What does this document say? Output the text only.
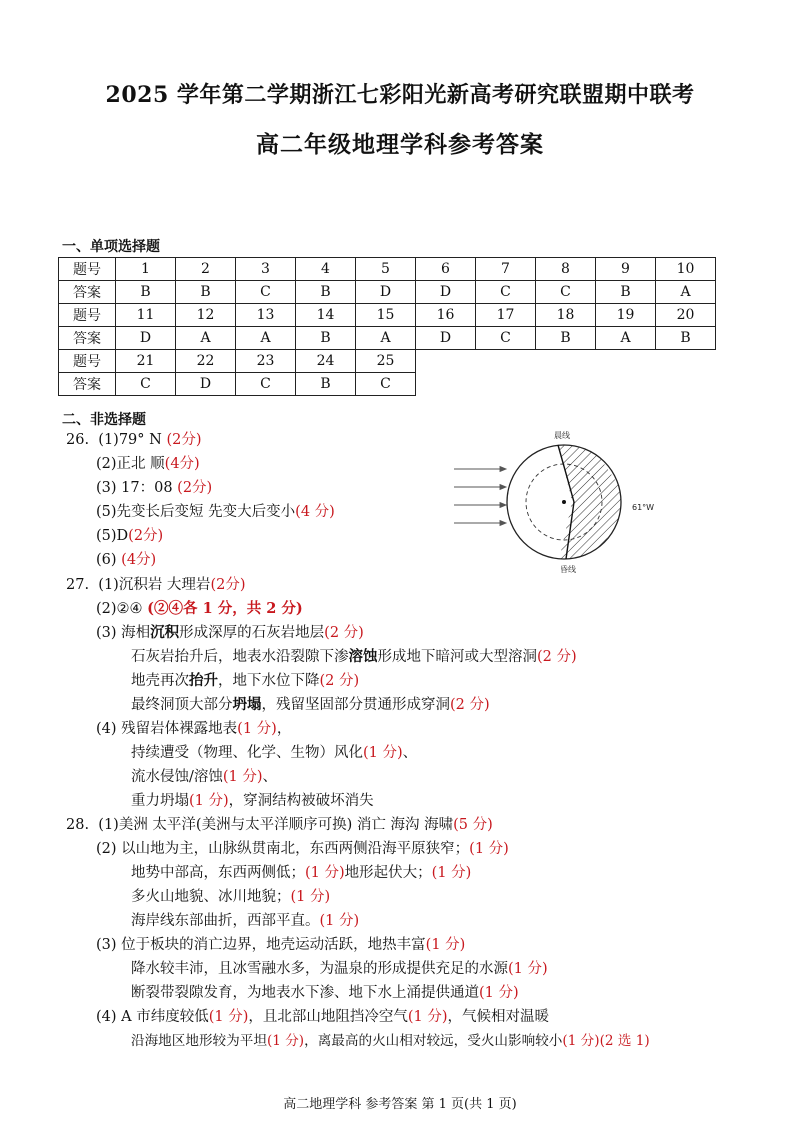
2025 学年第二学期浙江七彩阳光新高考研究联盟期中联考
高二年级地理学科参考答案
一、单项选择题
题号	1	2	3	4	5	6	7	8	9	10
答案	B	B	C	B	D	D	C	C	B	A
题号	11	12	13	14	15	16	17	18	19	20
答案	D	A	A	B	A	D	C	B	A	B
题号	21	22	23	24	25					
答案	C	D	C	B	C					
二、非选择题
26. (1)79° N (2分)
(2)正北 顺(4分)
(3) 17：08 (2分)
(5)先变长后变短 先变大后变小(4 分)
(5)D(2分)
(6) (4分)
晨线
昏线
61°W
27. (1)沉积岩 大理岩(2分)
(2)②④ (②④各 1 分，共 2 分)
(3) 海相沉积形成深厚的石灰岩地层(2 分)
石灰岩抬升后，地表水沿裂隙下渗溶蚀形成地下暗河或大型溶洞(2 分)
地壳再次抬升，地下水位下降(2 分)
最终洞顶大部分坍塌，残留坚固部分贯通形成穿洞(2 分)
(4) 残留岩体裸露地表(1 分)，
持续遭受（物理、化学、生物）风化(1 分)、
流水侵蚀/溶蚀(1 分)、
重力坍塌(1 分)，穿洞结构被破坏消失
28. (1)美洲 太平洋(美洲与太平洋顺序可换) 消亡 海沟 海啸(5 分)
(2) 以山地为主，山脉纵贯南北，东西两侧沿海平原狭窄；(1 分)
地势中部高，东西两侧低；(1 分)地形起伏大；(1 分)
多火山地貌、冰川地貌；(1 分)
海岸线东部曲折，西部平直。(1 分)
(3) 位于板块的消亡边界，地壳运动活跃，地热丰富(1 分)
降水较丰沛，且冰雪融水多，为温泉的形成提供充足的水源(1 分)
断裂带裂隙发育，为地表水下渗、地下水上涌提供通道(1 分)
(4) A 市纬度较低(1 分)，且北部山地阻挡冷空气(1 分)，气候相对温暖
沿海地区地形较为平坦(1 分)，离最高的火山相对较远，受火山影响较小(1 分)(2 选 1)
高二地理学科 参考答案 第 1 页(共 1 页)
